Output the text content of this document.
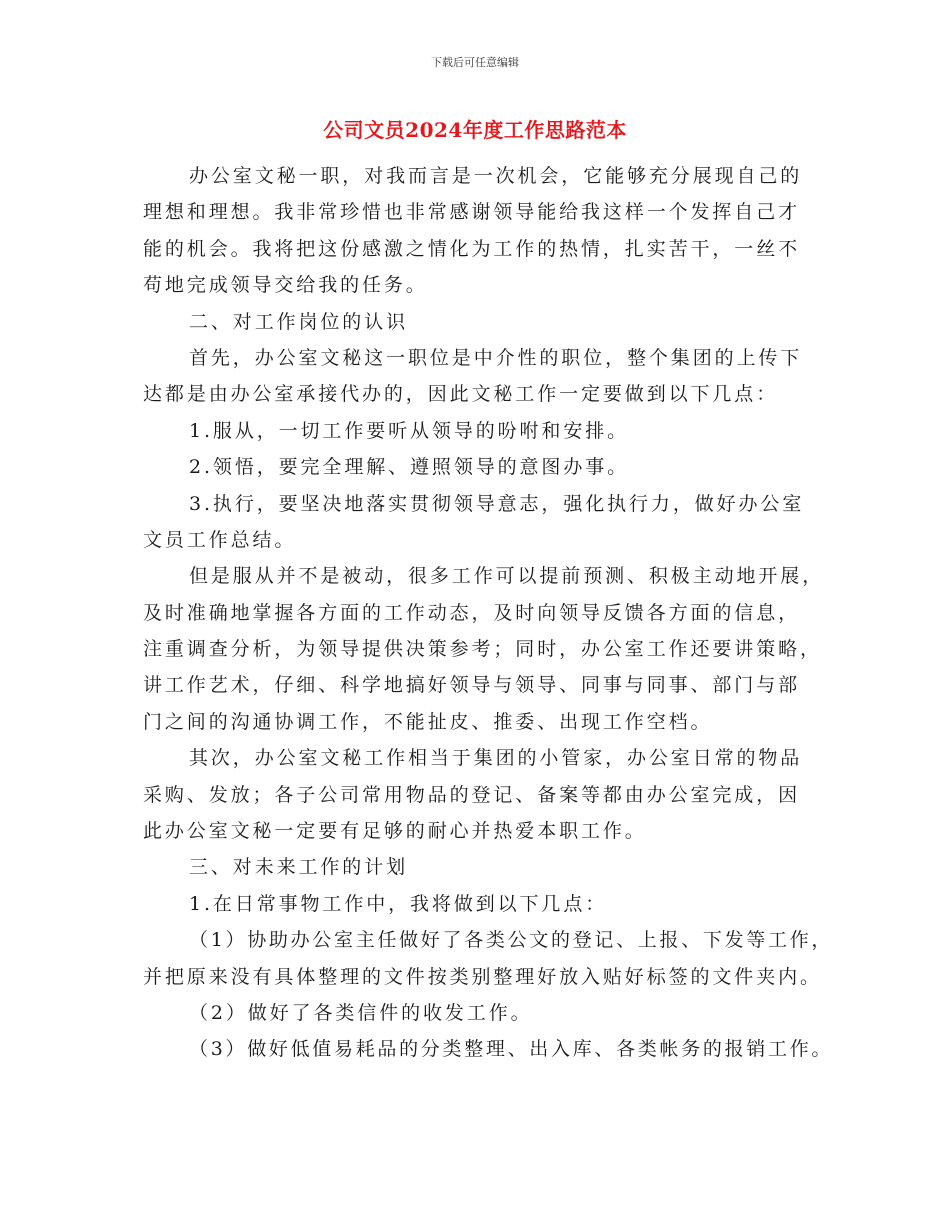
下载后可任意编辑
公司文员2024年度工作思路范本
办公室文秘一职，对我而言是一次机会，它能够充分展现自己的
理想和理想。我非常珍惜也非常感谢领导能给我这样一个发挥自己才
能的机会。我将把这份感激之情化为工作的热情，扎实苦干，一丝不
苟地完成领导交给我的任务。
二、对工作岗位的认识
首先，办公室文秘这一职位是中介性的职位，整个集团的上传下
达都是由办公室承接代办的，因此文秘工作一定要做到以下几点：
1.服从，一切工作要听从领导的吩咐和安排。
2.领悟，要完全理解、遵照领导的意图办事。
3.执行，要坚决地落实贯彻领导意志，强化执行力，做好办公室
文员工作总结。
但是服从并不是被动，很多工作可以提前预测、积极主动地开展，
及时准确地掌握各方面的工作动态，及时向领导反馈各方面的信息，
注重调查分析，为领导提供决策参考；同时，办公室工作还要讲策略，
讲工作艺术，仔细、科学地搞好领导与领导、同事与同事、部门与部
门之间的沟通协调工作，不能扯皮、推委、出现工作空档。
其次，办公室文秘工作相当于集团的小管家，办公室日常的物品
采购、发放；各子公司常用物品的登记、备案等都由办公室完成，因
此办公室文秘一定要有足够的耐心并热爱本职工作。
三、对未来工作的计划
1.在日常事物工作中，我将做到以下几点：
（1）协助办公室主任做好了各类公文的登记、上报、下发等工作，
并把原来没有具体整理的文件按类别整理好放入贴好标签的文件夹内。
（2）做好了各类信件的收发工作。
（3）做好低值易耗品的分类整理、出入库、各类帐务的报销工作。
